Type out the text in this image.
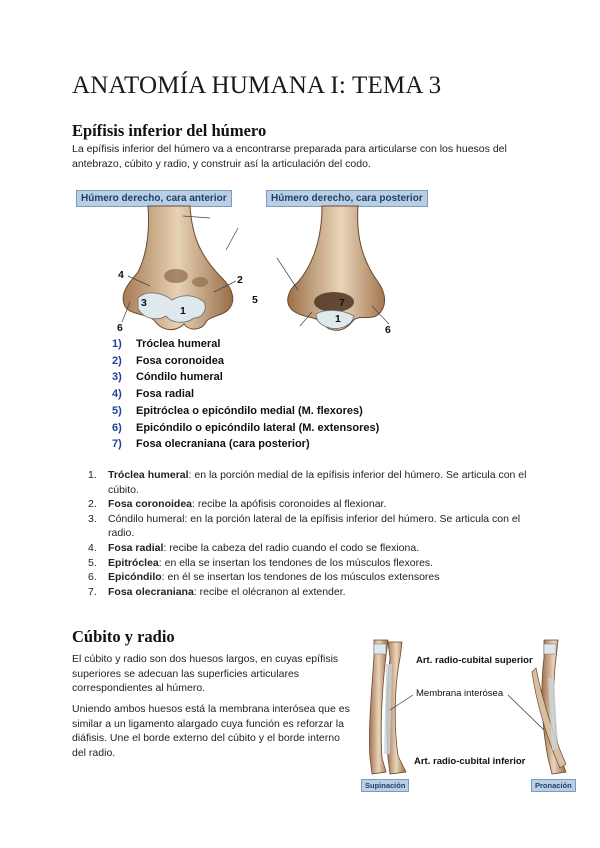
ANATOMÍA HUMANA I: TEMA 3
Epífisis inferior del húmero
La epífisis inferior del húmero va a encontrarse preparada para articularse con los huesos del antebrazo, cúbito y radio, y construir así la articulación del codo.
Húmero derecho, cara anterior	Húmero derecho, cara posterior
4	2
3
1
5
6
7
1
6
1)	Tróclea humeral
2)	Fosa coronoidea
3)	Cóndilo humeral
4)	Fosa radial
5)	Epitróclea o epicóndilo medial (M. flexores)
6)	Epicóndilo o epicóndilo lateral (M. extensores)
7)	Fosa olecraniana (cara posterior)
1.	Tróclea humeral: en la porción medial de la epífisis inferior del húmero. Se articula con el cúbito.
2.	Fosa coronoidea: recibe la apófisis coronoides al flexionar.
3.	Cóndilo humeral: en la porción lateral de la epífisis inferior del húmero. Se articula con el radio.
4.	Fosa radial: recibe la cabeza del radio cuando el codo se flexiona.
5.	Epitróclea: en ella se insertan los tendones de los músculos flexores.
6.	Epicóndilo: en él se insertan los tendones de los músculos extensores
7.	Fosa olecraniana: recibe el olécranon al extender.
Cúbito y radio
El cúbito y radio son dos huesos largos, en cuyas epífisis superiores se adecuan las superficies articulares correspondientes al húmero.
Uniendo ambos huesos está la membrana interósea que es similar a un ligamento alargado cuya función es reforzar la diáfisis. Une el borde externo del cúbito y el borde interno del radio.
Art. radio-cubital superior
Membrana interósea
Art. radio-cubital inferior
Supinación	Pronación
